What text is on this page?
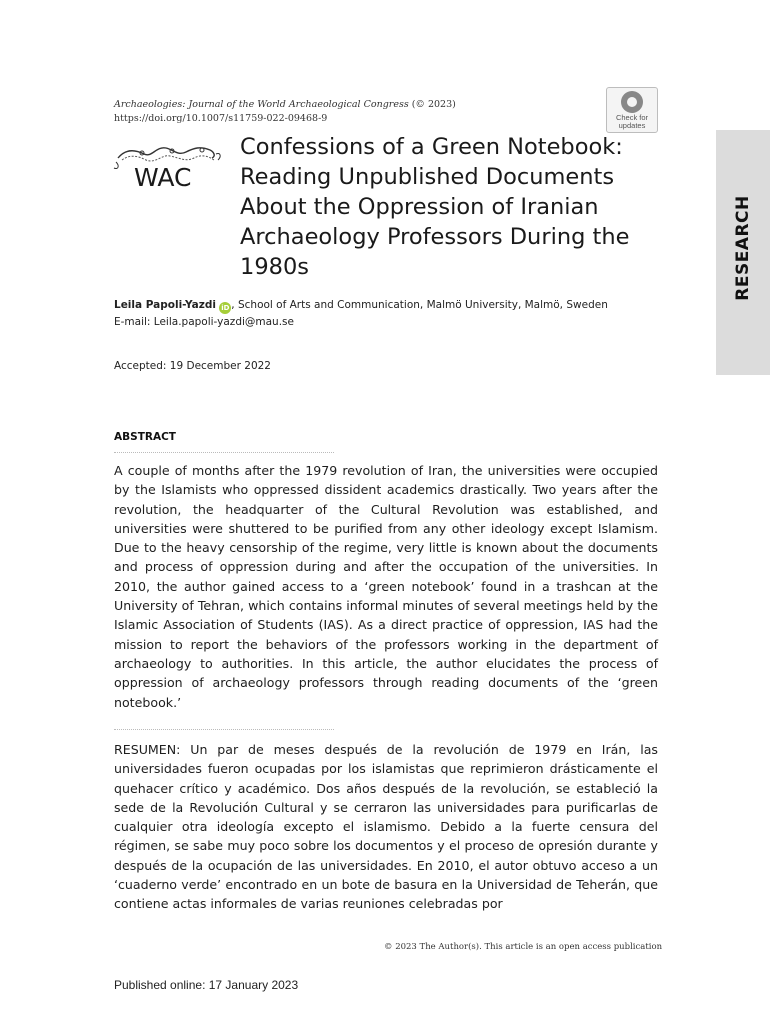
Archaeologies: Journal of the World Archaeological Congress (© 2023)
https://doi.org/10.1007/s11759-022-09468-9	Check for
updates
WAC
Confessions of a Green Notebook: Reading Unpublished Documents About the Oppression of Iranian Archaeology Professors During the 1980s	RESEARCH
Leila Papoli-Yazdi iD , School of Arts and Communication, Malmö University, Malmö, Sweden
E-mail: Leila.papoli-yazdi@mau.se
Accepted: 19 December 2022
ABSTRACT

A couple of months after the 1979 revolution of Iran, the universities were occupied by the Islamists who oppressed dissident academics drastically. Two years after the revolution, the headquarter of the Cultural Revolution was established, and universities were shuttered to be purified from any other ideology except Islamism. Due to the heavy censorship of the regime, very little is known about the documents and process of oppression during and after the occupation of the universities. In 2010, the author gained access to a ‘green notebook’ found in a trashcan at the University of Tehran, which contains informal minutes of several meetings held by the Islamic Association of Students (IAS). As a direct practice of oppression, IAS had the mission to report the behaviors of the professors working in the department of archaeology to authorities. In this article, the author elucidates the process of oppression of archaeology professors through reading documents of the ‘green notebook.’

RESUMEN: Un par de meses después de la revolución de 1979 en Irán, las universidades fueron ocupadas por los islamistas que reprimieron drásticamente el quehacer crítico y académico. Dos años después de la revolución, se estableció la sede de la Revolución Cultural y se cerraron las universidades para purificarlas de cualquier otra ideología excepto el islamismo. Debido a la fuerte censura del régimen, se sabe muy poco sobre los documentos y el proceso de opresión durante y después de la ocupación de las universidades. En 2010, el autor obtuvo acceso a un ‘cuaderno verde’ encontrado en un bote de basura en la Universidad de Teherán, que contiene actas informales de varias reuniones celebradas por

© 2023 The Author(s). This article is an open access publication
Published online: 17 January 2023
